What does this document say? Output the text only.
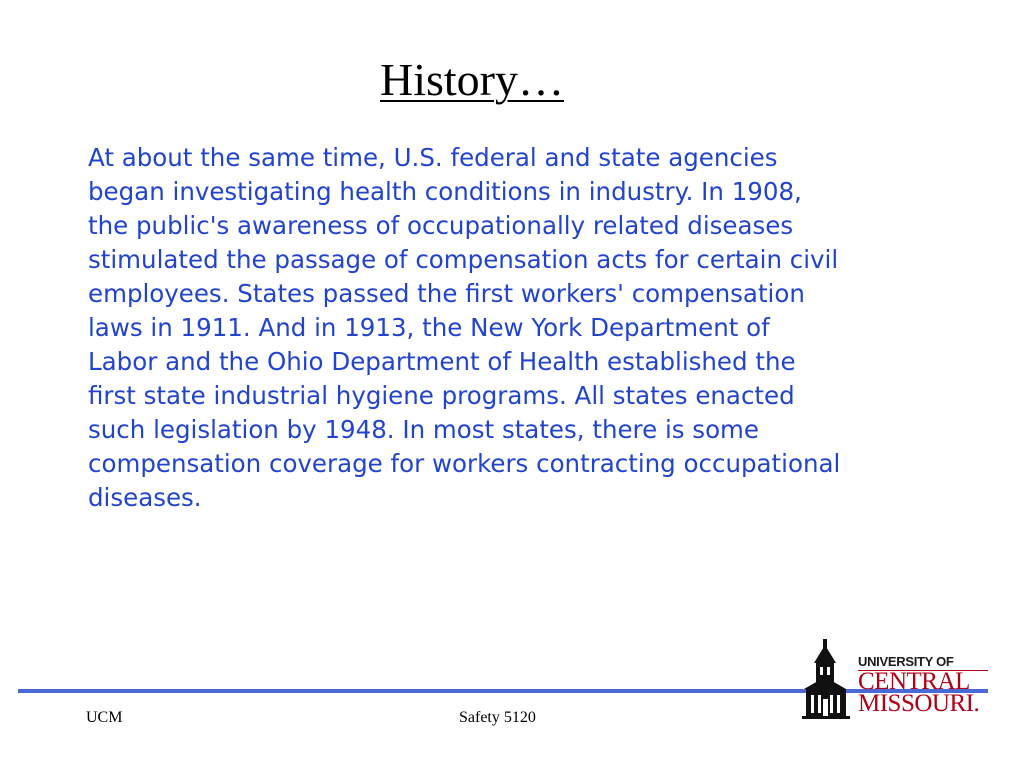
History…

At about the same time, U.S. federal and state agencies
began investigating health conditions in industry. In 1908,
the public's awareness of occupationally related diseases
stimulated the passage of compensation acts for certain civil
employees. States passed the first workers' compensation
laws in 1911. And in 1913, the New York Department of
Labor and the Ohio Department of Health established the
first state industrial hygiene programs. All states enacted
such legislation by 1948. In most states, there is some
compensation coverage for workers contracting occupational
diseases.

UCM	Safety 5120
UNIVERSITY OF
CENTRAL
MISSOURI.
